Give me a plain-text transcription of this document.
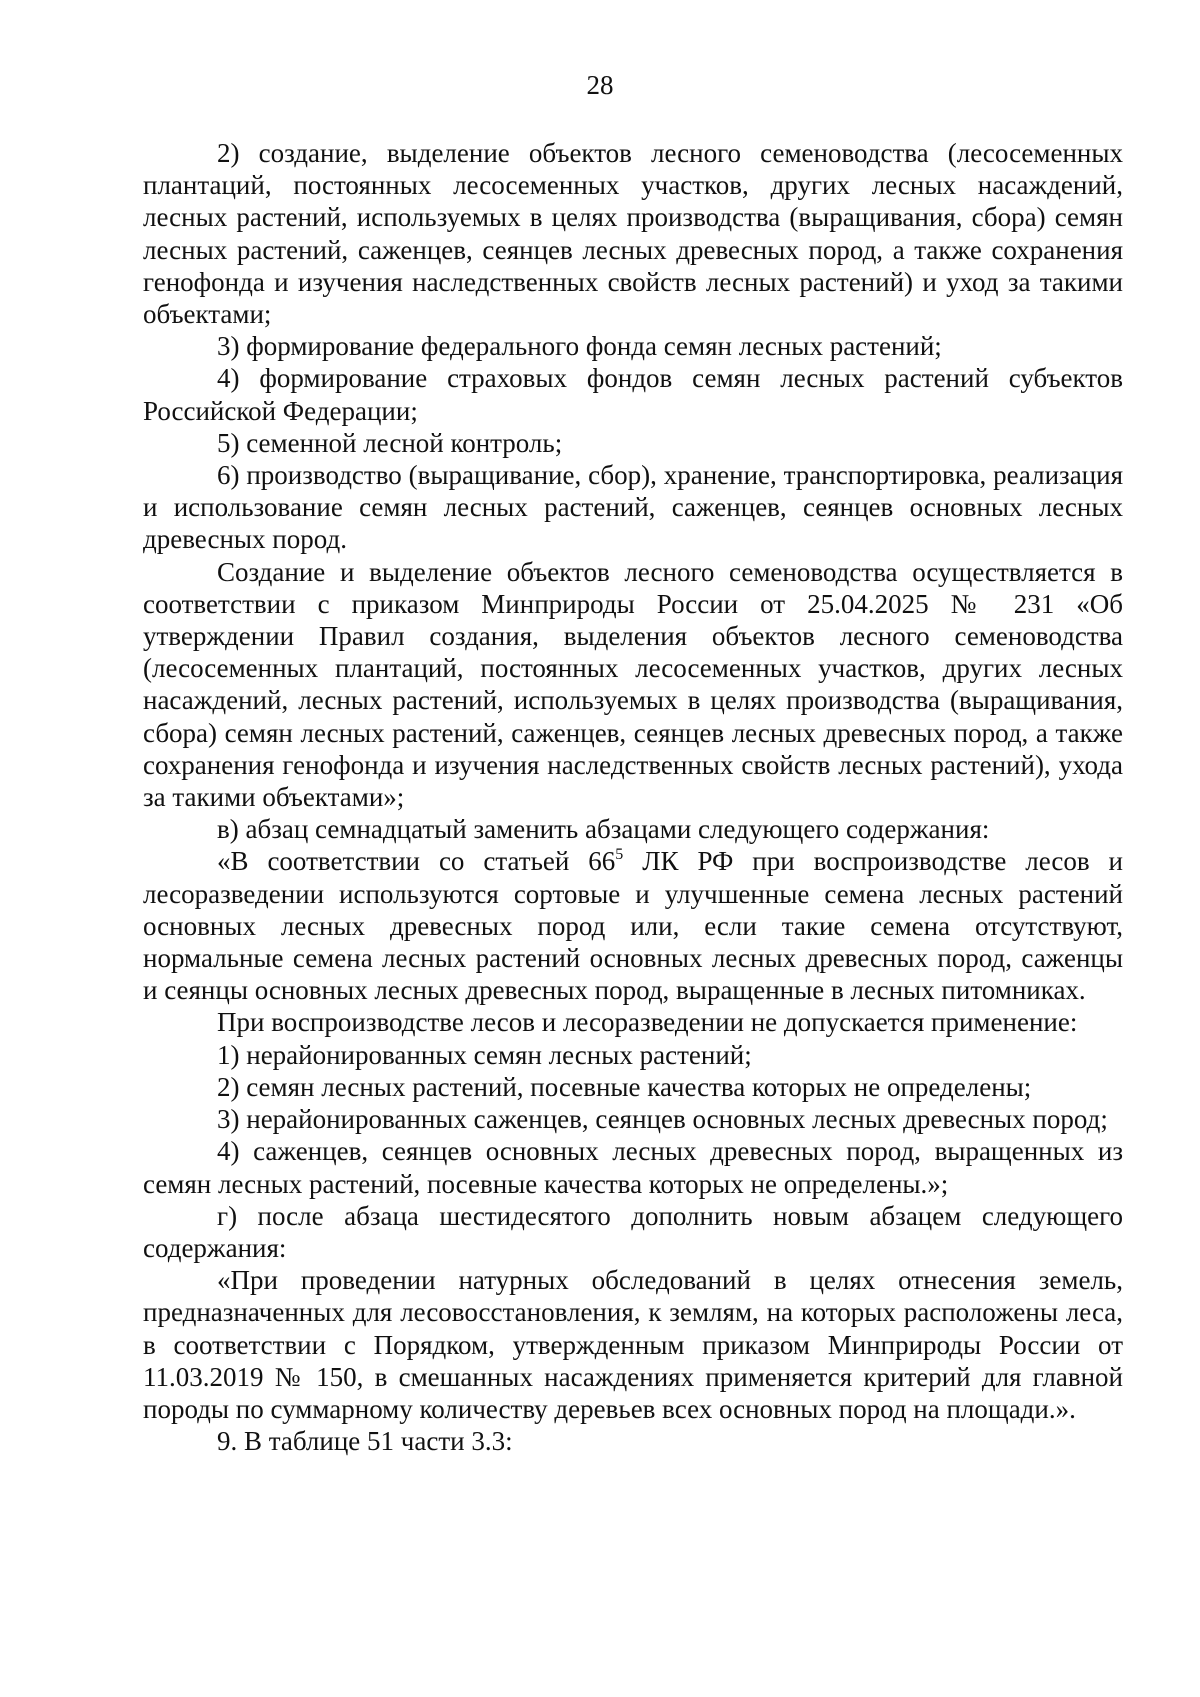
28

2) создание, выделение объектов лесного семеноводства (лесосеменных плантаций, постоянных лесосеменных участков, других лесных насаждений, лесных растений, используемых в целях производства (выращивания, сбора) семян лесных растений, саженцев, сеянцев лесных древесных пород, а также сохранения генофонда и изучения наследственных свойств лесных растений) и уход за такими объектами;

3) формирование федерального фонда семян лесных растений;

4) формирование страховых фондов семян лесных растений субъектов Российской Федерации;

5) семенной лесной контроль;

6) производство (выращивание, сбор), хранение, транспортировка, реализация и использование семян лесных растений, саженцев, сеянцев основных лесных древесных пород.

Создание и выделение объектов лесного семеноводства осуществляется в соответствии с приказом Минприроды России от 25.04.2025 № 231 «Об утверждении Правил создания, выделения объектов лесного семеноводства (лесосеменных плантаций, постоянных лесосеменных участков, других лесных насаждений, лесных растений, используемых в целях производства (выращивания, сбора) семян лесных растений, саженцев, сеянцев лесных древесных пород, а также сохранения генофонда и изучения наследственных свойств лесных растений), ухода за такими объектами»;

в) абзац семнадцатый заменить абзацами следующего содержания:

«В соответствии со статьей $66^5$ ЛК РФ при воспроизводстве лесов и лесоразведении используются сортовые и улучшенные семена лесных растений основных лесных древесных пород или, если такие семена отсутствуют, нормальные семена лесных растений основных лесных древесных пород, саженцы и сеянцы основных лесных древесных пород, выращенные в лесных питомниках.

При воспроизводстве лесов и лесоразведении не допускается применение:

1) нерайонированных семян лесных растений;

2) семян лесных растений, посевные качества которых не определены;

3) нерайонированных саженцев, сеянцев основных лесных древесных пород;

4) саженцев, сеянцев основных лесных древесных пород, выращенных из семян лесных растений, посевные качества которых не определены.»;

г) после абзаца шестидесятого дополнить новым абзацем следующего содержания:

«При проведении натурных обследований в целях отнесения земель, предназначенных для лесовосстановления, к землям, на которых расположены леса, в соответствии с Порядком, утвержденным приказом Минприроды России от 11.03.2019 № 150, в смешанных насаждениях применяется критерий для главной породы по суммарному количеству деревьев всех основных пород на площади.».

9. В таблице 51 части 3.3:
